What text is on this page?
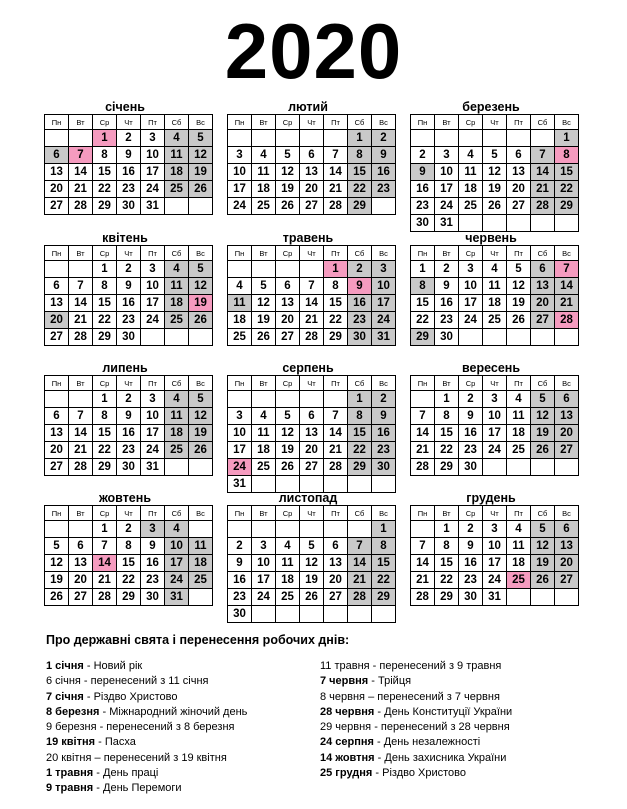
2020
січень
Пн	Вт	Ср	Чт	Пт	Сб	Вс
		1	2	3	4	5
6	7	8	9	10	11	12
13	14	15	16	17	18	19
20	21	22	23	24	25	26
27	28	29	30	31		
лютий
Пн	Вт	Ср	Чт	Пт	Сб	Вс
					1	2
3	4	5	6	7	8	9
10	11	12	13	14	15	16
17	18	19	20	21	22	23
24	25	26	27	28	29	
березень
Пн	Вт	Ср	Чт	Пт	Сб	Вс
						1
2	3	4	5	6	7	8
9	10	11	12	13	14	15
16	17	18	19	20	21	22
23	24	25	26	27	28	29
30	31					
квітень
Пн	Вт	Ср	Чт	Пт	Сб	Вс
		1	2	3	4	5
6	7	8	9	10	11	12
13	14	15	16	17	18	19
20	21	22	23	24	25	26
27	28	29	30			
травень
Пн	Вт	Ср	Чт	Пт	Сб	Вс
				1	2	3
4	5	6	7	8	9	10
11	12	13	14	15	16	17
18	19	20	21	22	23	24
25	26	27	28	29	30	31
червень
Пн	Вт	Ср	Чт	Пт	Сб	Вс
1	2	3	4	5	6	7
8	9	10	11	12	13	14
15	16	17	18	19	20	21
22	23	24	25	26	27	28
29	30					
липень
Пн	Вт	Ср	Чт	Пт	Сб	Вс
		1	2	3	4	5
6	7	8	9	10	11	12
13	14	15	16	17	18	19
20	21	22	23	24	25	26
27	28	29	30	31		
серпень
Пн	Вт	Ср	Чт	Пт	Сб	Вс
					1	2
3	4	5	6	7	8	9
10	11	12	13	14	15	16
17	18	19	20	21	22	23
24	25	26	27	28	29	30
31						
вересень
Пн	Вт	Ср	Чт	Пт	Сб	Вс
	1	2	3	4	5	6
7	8	9	10	11	12	13
14	15	16	17	18	19	20
21	22	23	24	25	26	27
28	29	30				
жовтень
Пн	Вт	Ср	Чт	Пт	Сб	Вс
		1	2	3	4	
5	6	7	8	9	10	11
12	13	14	15	16	17	18
19	20	21	22	23	24	25
26	27	28	29	30	31	
листопад
Пн	Вт	Ср	Чт	Пт	Сб	Вс
						1
2	3	4	5	6	7	8
9	10	11	12	13	14	15
16	17	18	19	20	21	22
23	24	25	26	27	28	29
30						
грудень
Пн	Вт	Ср	Чт	Пт	Сб	Вс
	1	2	3	4	5	6
7	8	9	10	11	12	13
14	15	16	17	18	19	20
21	22	23	24	25	26	27
28	29	30	31			
Про державні свята і перенесення робочих днів:
1 січня - Новий рік
6 січня - перенесений з 11 січня
7 січня - Різдво Христово
8 березня - Міжнародний жіночий день
9 березня - перенесений з 8 березня
19 квітня - Пасха
20 квітня – перенесений з 19 квітня
1 травня - День праці
9 травня - День Перемоги
11 травня - перенесений з 9 травня
7 червня - Трійця
8 червня – перенесений з 7 червня
28 червня - День Конституції України
29 червня - перенесений з 28 червня
24 серпня - День незалежності
14 жовтня - День захисника України
25 грудня - Різдво Христово
